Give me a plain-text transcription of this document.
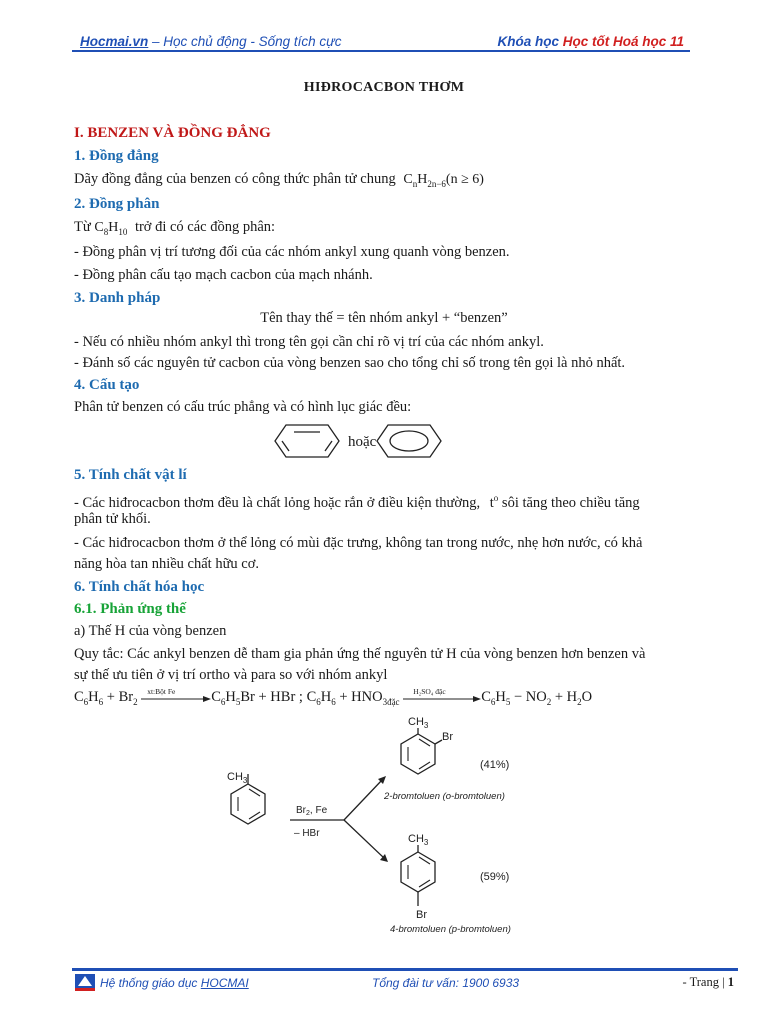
Hocmai.vn – Học chủ động - Sống tích cực	Khóa học Học tốt Hoá học 11
HIĐROCACBON THƠM
I. BENZEN VÀ ĐỒNG ĐẲNG
1. Đồng đẳng
Dãy đồng đẳng của benzen có công thức phân tử chung $C_nH_{2n-6}(n \ge 6)$
2. Đồng phân
Từ $C_8H_{10}$ trở đi có các đồng phân:
- Đồng phân vị trí tương đối của các nhóm ankyl xung quanh vòng benzen.
- Đồng phân cấu tạo mạch cacbon của mạch nhánh.
3. Danh pháp
Tên thay thế = tên nhóm ankyl + “benzen”
- Nếu có nhiều nhóm ankyl thì trong tên gọi cần chỉ rõ vị trí của các nhóm ankyl.
- Đánh số các nguyên tử cacbon của vòng benzen sao cho tổng chỉ số trong tên gọi là nhỏ nhất.
4. Cấu tạo
Phân tử benzen có cấu trúc phẳng và có hình lục giác đều:
hoặc
5. Tính chất vật lí
- Các hiđrocacbon thơm đều là chất lỏng hoặc rắn ở điều kiện thường, $t^o$ sôi tăng theo chiều tăng
phân tử khối.
- Các hiđrocacbon thơm ở thể lỏng có mùi đặc trưng, không tan trong nước, nhẹ hơn nước, có khả
năng hòa tan nhiều chất hữu cơ.
6. Tính chất hóa học
6.1. Phản ứng thế
a) Thế H của vòng benzen
Quy tắc: Các ankyl benzen dễ tham gia phản ứng thế nguyên tử H của vòng benzen hơn benzen và
sự thế ưu tiên ở vị trí ortho và para so với nhóm ankyl
$C_6H_6 + Br_2$
xt:Bột Fe $C_6H_5Br$ + HBr ; $C_6H_6 + HNO_{3đặc}$
H₂SO₄ đặc $C_6H_5 - NO_2 + H_2O$
$CH_3$
$CH_3$
Br
(41%)
2-bromtoluen (o-bromtoluen)
$Br_2$, Fe
– HBr	$CH_3$
(59%)
Br
4-bromtoluen (p-bromtoluen)
Hệ thống giáo dục HOCMAI	Tổng đài tư vấn: 1900 6933	- Trang | 1
